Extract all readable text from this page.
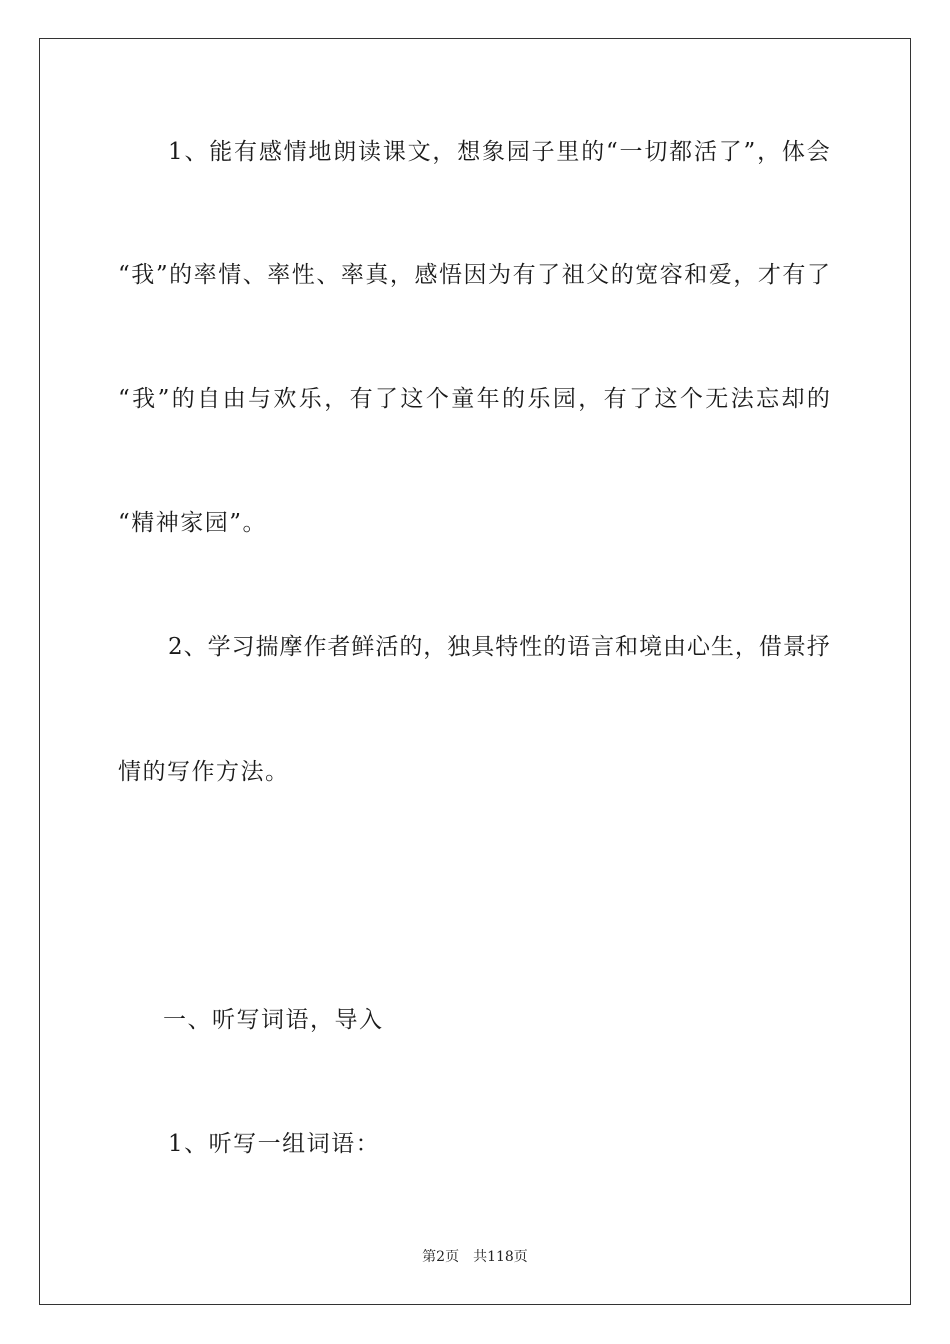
1 、 能 有 感 情 地 朗 读 课 文 ， 想 象 园 子 里 的 “ 一 切 都 活 了 ” ， 体 会
“ 我 ” 的 率 情 、 率 性 、 率 真 ， 感 悟 因 为 有 了 祖 父 的 宽 容 和 爱 ， 才 有 了
“ 我 ” 的 自 由 与 欢 乐 ， 有 了 这 个 童 年 的 乐 园 ， 有 了 这 个 无 法 忘 却 的
“精神家园”。
2 、 学 习 揣 摩 作 者 鲜 活 的 ， 独 具 特 性 的 语 言 和 境 由 心 生 ， 借 景 抒
情的写作方法。
一、听写词语，导入
1、听写一组词语：
第2页　共118页
